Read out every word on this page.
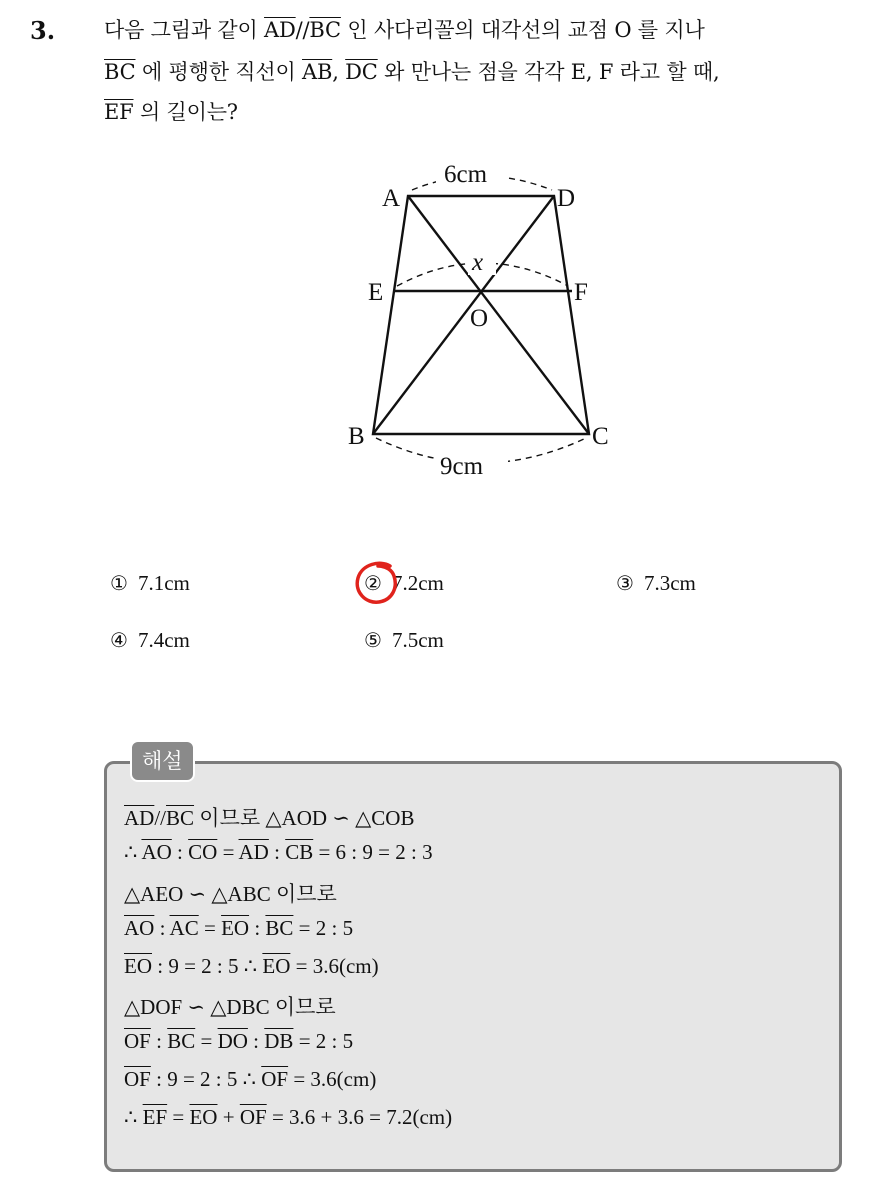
3. 다음 그림과 같이 $\overline{AD}//\overline{BC}$ 인 사다리꼴의 대각선의 교점 O 를 지나
$\overline{BC}$ 에 평행한 직선이 $\overline{AB}$, $\overline{DC}$ 와 만나는 점을 각각 E, F 라고 할 때,
$\overline{EF}$ 의 길이는?
A	D
E	F
O
B	C
6cm
x
9cm
① 7.1cm	② 7.2cm	③ 7.3cm
④ 7.4cm	⑤ 7.5cm
해설
$\overline{AD}//\overline{BC}$ 이므로 △AOD ∽ △COB
∴ $\overline{AO}$ : $\overline{CO} = \overline{AD}$ : $\overline{CB} = 6$ : 9 = 2 : 3
△AEO ∽ △ABC 이므로
$\overline{AO}$ : $\overline{AC} = \overline{EO}$ : $\overline{BC} = 2$ : 5
$\overline{EO}$ : 9 = 2 : 5 ∴ $\overline{EO} = 3.6(cm)$
△DOF ∽ △DBC 이므로
$\overline{OF}$ : $\overline{BC} = \overline{DO}$ : $\overline{DB} = 2$ : 5
$\overline{OF}$ : 9 = 2 : 5 ∴ $\overline{OF} = 3.6(cm)$
∴ $\overline{EF} = \overline{EO} + \overline{OF} = 3.6 + 3.6 = 7.2(cm)$
